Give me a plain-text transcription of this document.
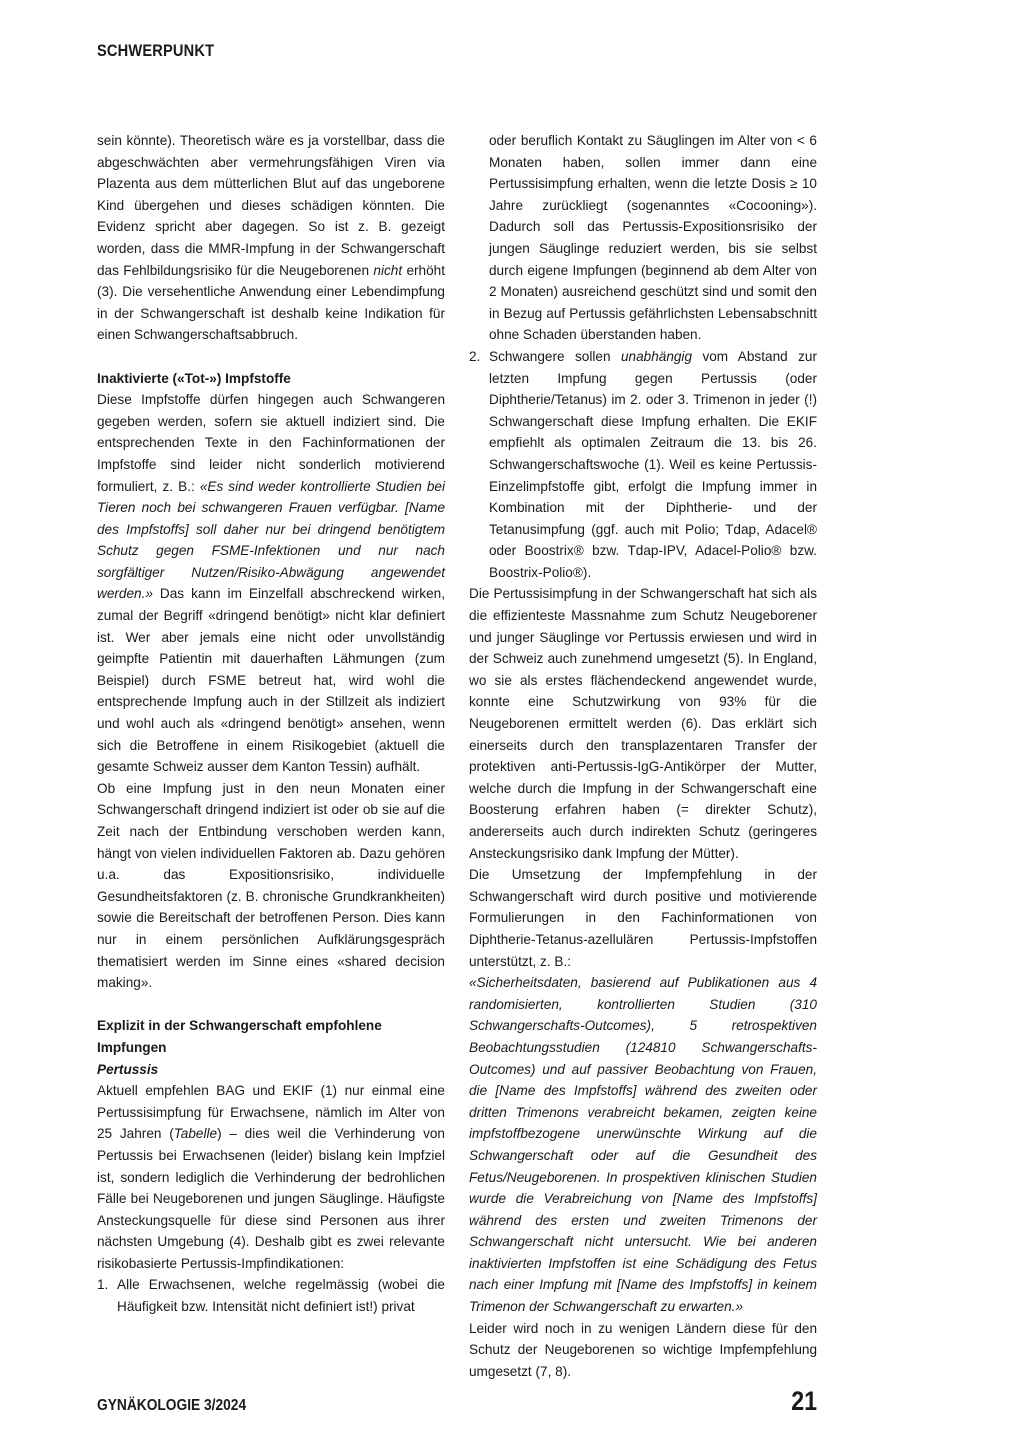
SCHWERPUNKT

sein könnte). Theoretisch wäre es ja vorstellbar, dass die abgeschwächten aber vermehrungsfähigen Viren via Plazenta aus dem mütterlichen Blut auf das ungeborene Kind übergehen und dieses schädigen könnten. Die Evidenz spricht aber dagegen. So ist z. B. gezeigt worden, dass die MMR-Impfung in der Schwangerschaft das Fehlbildungsrisiko für die Neugeborenen nicht erhöht (3). Die versehentliche Anwendung einer Lebendimpfung in der Schwangerschaft ist deshalb keine Indikation für einen Schwangerschaftsabbruch.

Inaktivierte («Tot-») Impfstoffe

Diese Impfstoffe dürfen hingegen auch Schwangeren gegeben werden, sofern sie aktuell indiziert sind. Die entsprechenden Texte in den Fachinformationen der Impfstoffe sind leider nicht sonderlich motivierend formuliert, z. B.: «Es sind weder kontrollierte Studien bei Tieren noch bei schwangeren Frauen verfügbar. [Name des Impfstoffs] soll daher nur bei dringend benötigtem Schutz gegen FSME-Infektionen und nur nach sorgfältiger Nutzen/Risiko-Abwägung angewendet werden.» Das kann im Einzelfall abschreckend wirken, zumal der Begriff «dringend benötigt» nicht klar definiert ist. Wer aber jemals eine nicht oder unvollständig geimpfte Patientin mit dauerhaften Lähmungen (zum Beispiel) durch FSME betreut hat, wird wohl die entsprechende Impfung auch in der Stillzeit als indiziert und wohl auch als «dringend benötigt» ansehen, wenn sich die Betroffene in einem Risikogebiet (aktuell die gesamte Schweiz ausser dem Kanton Tessin) aufhält.

Ob eine Impfung just in den neun Monaten einer Schwangerschaft dringend indiziert ist oder ob sie auf die Zeit nach der Entbindung verschoben werden kann, hängt von vielen individuellen Faktoren ab. Dazu gehören u.a. das Expositionsrisiko, individuelle Gesundheitsfaktoren (z. B. chronische Grundkrankheiten) sowie die Bereitschaft der betroffenen Person. Dies kann nur in einem persönlichen Aufklärungsgespräch thematisiert werden im Sinne eines «shared decision making».

Explizit in der Schwangerschaft empfohlene Impfungen
Pertussis

Aktuell empfehlen BAG und EKIF (1) nur einmal eine Pertussisimpfung für Erwachsene, nämlich im Alter von 25 Jahren (Tabelle) – dies weil die Verhinderung von Pertussis bei Erwachsenen (leider) bislang kein Impfziel ist, sondern lediglich die Verhinderung der bedrohlichen Fälle bei Neugeborenen und jungen Säuglinge. Häufigste Ansteckungsquelle für diese sind Personen aus ihrer nächsten Umgebung (4). Deshalb gibt es zwei relevante risikobasierte Pertussis-Impfindikationen:

1. Alle Erwachsenen, welche regelmässig (wobei die Häufigkeit bzw. Intensität nicht definiert ist!) privat
oder beruflich Kontakt zu Säuglingen im Alter von < 6 Monaten haben, sollen immer dann eine Pertussisimpfung erhalten, wenn die letzte Dosis ≥ 10 Jahre zurückliegt (sogenanntes «Cocooning»). Dadurch soll das Pertussis-Expositionsrisiko der jungen Säuglinge reduziert werden, bis sie selbst durch eigene Impfungen (beginnend ab dem Alter von 2 Monaten) ausreichend geschützt sind und somit den in Bezug auf Pertussis gefährlichsten Lebensabschnitt ohne Schaden überstanden haben.
2. Schwangere sollen unabhängig vom Abstand zur letzten Impfung gegen Pertussis (oder Diphtherie/Tetanus) im 2. oder 3. Trimenon in jeder (!) Schwangerschaft diese Impfung erhalten. Die EKIF empfiehlt als optimalen Zeitraum die 13. bis 26. Schwangerschaftswoche (1). Weil es keine Pertussis-Einzelimpfstoffe gibt, erfolgt die Impfung immer in Kombination mit der Diphtherie- und der Tetanusimpfung (ggf. auch mit Polio; Tdap, Adacel® oder Boostrix® bzw. Tdap-IPV, Adacel-Polio® bzw. Boostrix-Polio®).

Die Pertussisimpfung in der Schwangerschaft hat sich als die effizienteste Massnahme zum Schutz Neugeborener und junger Säuglinge vor Pertussis erwiesen und wird in der Schweiz auch zunehmend umgesetzt (5). In England, wo sie als erstes flächendeckend angewendet wurde, konnte eine Schutzwirkung von 93% für die Neugeborenen ermittelt werden (6). Das erklärt sich einerseits durch den transplazentaren Transfer der protektiven anti-Pertussis-IgG-Antikörper der Mutter, welche durch die Impfung in der Schwangerschaft eine Boosterung erfahren haben (= direkter Schutz), andererseits auch durch indirekten Schutz (geringeres Ansteckungsrisiko dank Impfung der Mütter).

Die Umsetzung der Impfempfehlung in der Schwangerschaft wird durch positive und motivierende Formulierungen in den Fachinformationen von Diphtherie-Tetanus-azellulären Pertussis-Impfstoffen unterstützt, z. B.:

«Sicherheitsdaten, basierend auf Publikationen aus 4 randomisierten, kontrollierten Studien (310 Schwangerschafts-Outcomes), 5 retrospektiven Beobachtungsstudien (124810 Schwangerschafts-Outcomes) und auf passiver Beobachtung von Frauen, die [Name des Impfstoffs] während des zweiten oder dritten Trimenons verabreicht bekamen, zeigten keine impfstoffbezogene unerwünschte Wirkung auf die Schwangerschaft oder auf die Gesundheit des Fetus/Neugeborenen. In prospektiven klinischen Studien wurde die Verabreichung von [Name des Impfstoffs] während des ersten und zweiten Trimenons der Schwangerschaft nicht untersucht. Wie bei anderen inaktivierten Impfstoffen ist eine Schädigung des Fetus nach einer Impfung mit [Name des Impfstoffs] in keinem Trimenon der Schwangerschaft zu erwarten.»

Leider wird noch in zu wenigen Ländern diese für den Schutz der Neugeborenen so wichtige Impfempfehlung umgesetzt (7, 8).

GYNÄKOLOGIE 3/2024	21
